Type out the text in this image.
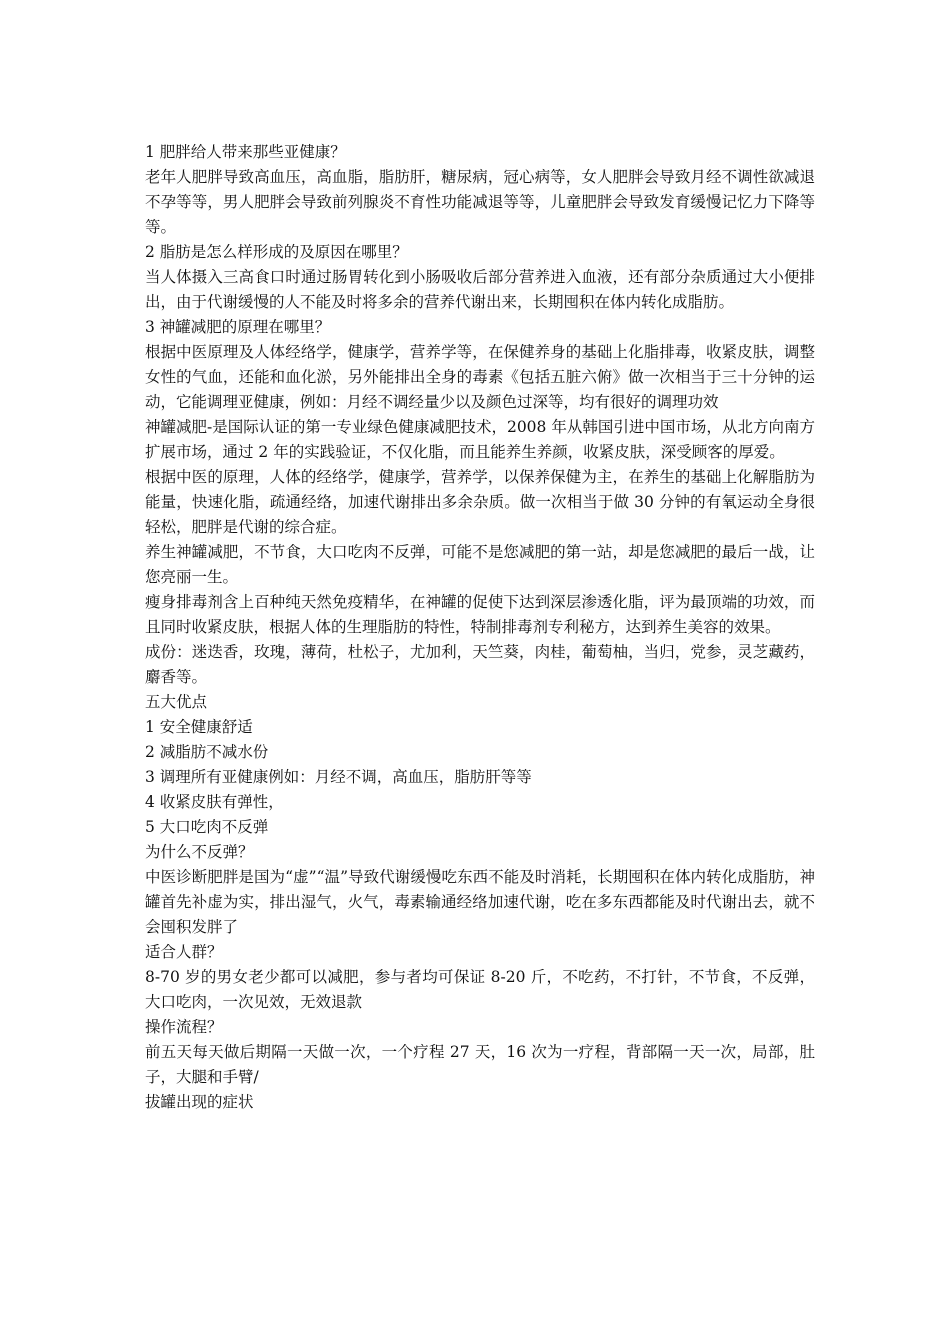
1 肥胖给人带来那些亚健康？

老年人肥胖导致高血压，高血脂，脂肪肝，糖尿病，冠心病等，女人肥胖会导致月经不调性欲减退不孕等等，男人肥胖会导致前列腺炎不育性功能减退等等，儿童肥胖会导致发育缓慢记忆力下降等等。

2 脂肪是怎么样形成的及原因在哪里？

当人体摄入三高食口时通过肠胃转化到小肠吸收后部分营养进入血液，还有部分杂质通过大小便排出，由于代谢缓慢的人不能及时将多余的营养代谢出来，长期囤积在体内转化成脂肪。

3 神罐减肥的原理在哪里？

根据中医原理及人体经络学，健康学，营养学等，在保健养身的基础上化脂排毒，收紧皮肤，调整女性的气血，还能和血化淤，另外能排出全身的毒素《包括五脏六俯》做一次相当于三十分钟的运动，它能调理亚健康，例如：月经不调经量少以及颜色过深等，均有很好的调理功效

神罐减肥-是国际认证的第一专业绿色健康减肥技术，2008 年从韩国引进中国市场，从北方向南方扩展市场，通过 2 年的实践验证，不仅化脂，而且能养生养颜，收紧皮肤，深受顾客的厚爱。

根据中医的原理，人体的经络学，健康学，营养学，以保养保健为主，在养生的基础上化解脂肪为能量，快速化脂，疏通经络，加速代谢排出多余杂质。做一次相当于做 30 分钟的有氧运动全身很轻松，肥胖是代谢的综合症。

养生神罐减肥，不节食，大口吃肉不反弹，可能不是您减肥的第一站，却是您减肥的最后一战，让您亮丽一生。

瘦身排毒剂含上百种纯天然免疫精华，在神罐的促使下达到深层渗透化脂，评为最顶端的功效，而且同时收紧皮肤，根据人体的生理脂肪的特性，特制排毒剂专利秘方，达到养生美容的效果。

成份：迷迭香，玫瑰，薄荷，杜松子，尤加利，天竺葵，肉桂，葡萄柚，当归，党参，灵芝藏药，麝香等。

五大优点

1 安全健康舒适

2 减脂肪不减水份

3 调理所有亚健康例如：月经不调，高血压，脂肪肝等等

4 收紧皮肤有弹性，

5 大口吃肉不反弹

为什么不反弹？

中医诊断肥胖是国为“虚”“温”导致代谢缓慢吃东西不能及时消耗，长期囤积在体内转化成脂肪，神罐首先补虚为实，排出湿气，火气，毒素输通经络加速代谢，吃在多东西都能及时代谢出去，就不会囤积发胖了

适合人群？

8-70 岁的男女老少都可以减肥，参与者均可保证 8-20 斤，不吃药，不打针，不节食，不反弹，大口吃肉，一次见效，无效退款

操作流程？

前五天每天做后期隔一天做一次，一个疗程 27 天，16 次为一疗程，背部隔一天一次，局部，肚子，大腿和手臂/

拔罐出现的症状
